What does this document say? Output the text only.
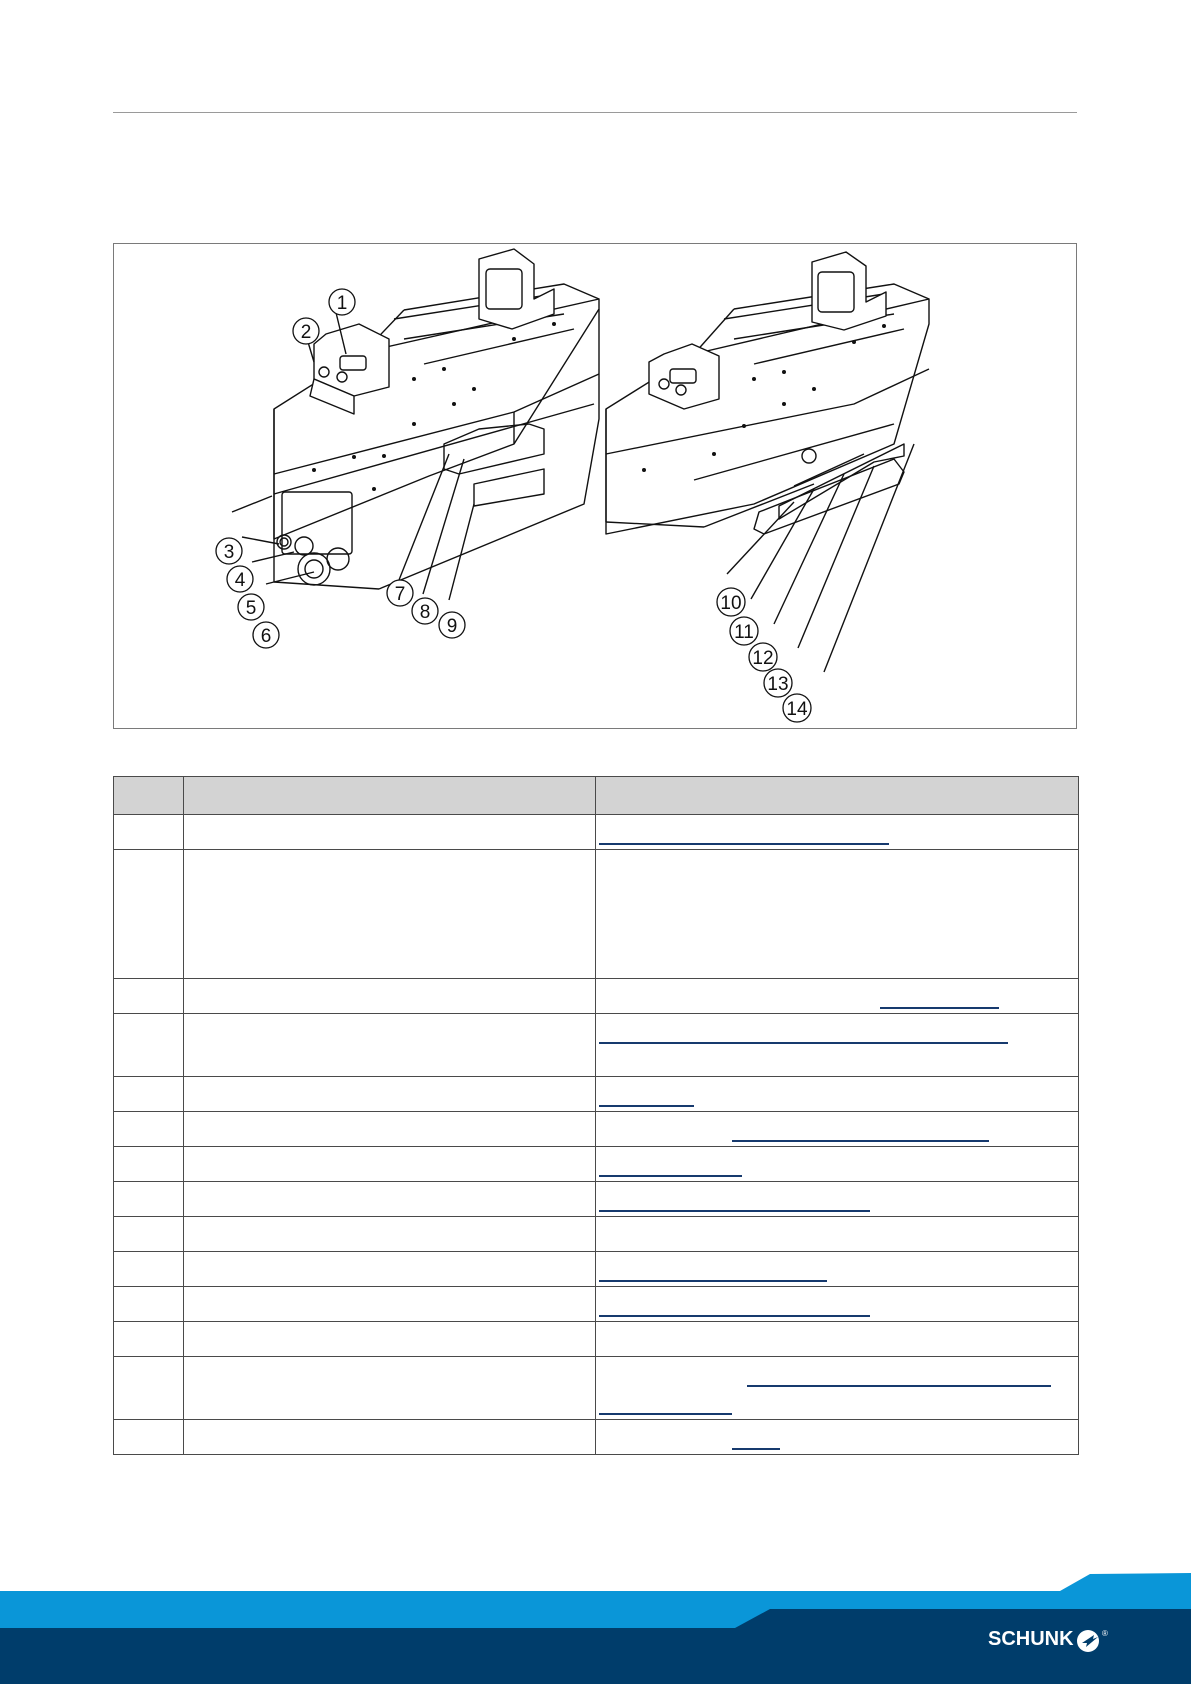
1
2
3
4
5
6
7
8
9
10
11
12
13
14

SCHUNK	®
